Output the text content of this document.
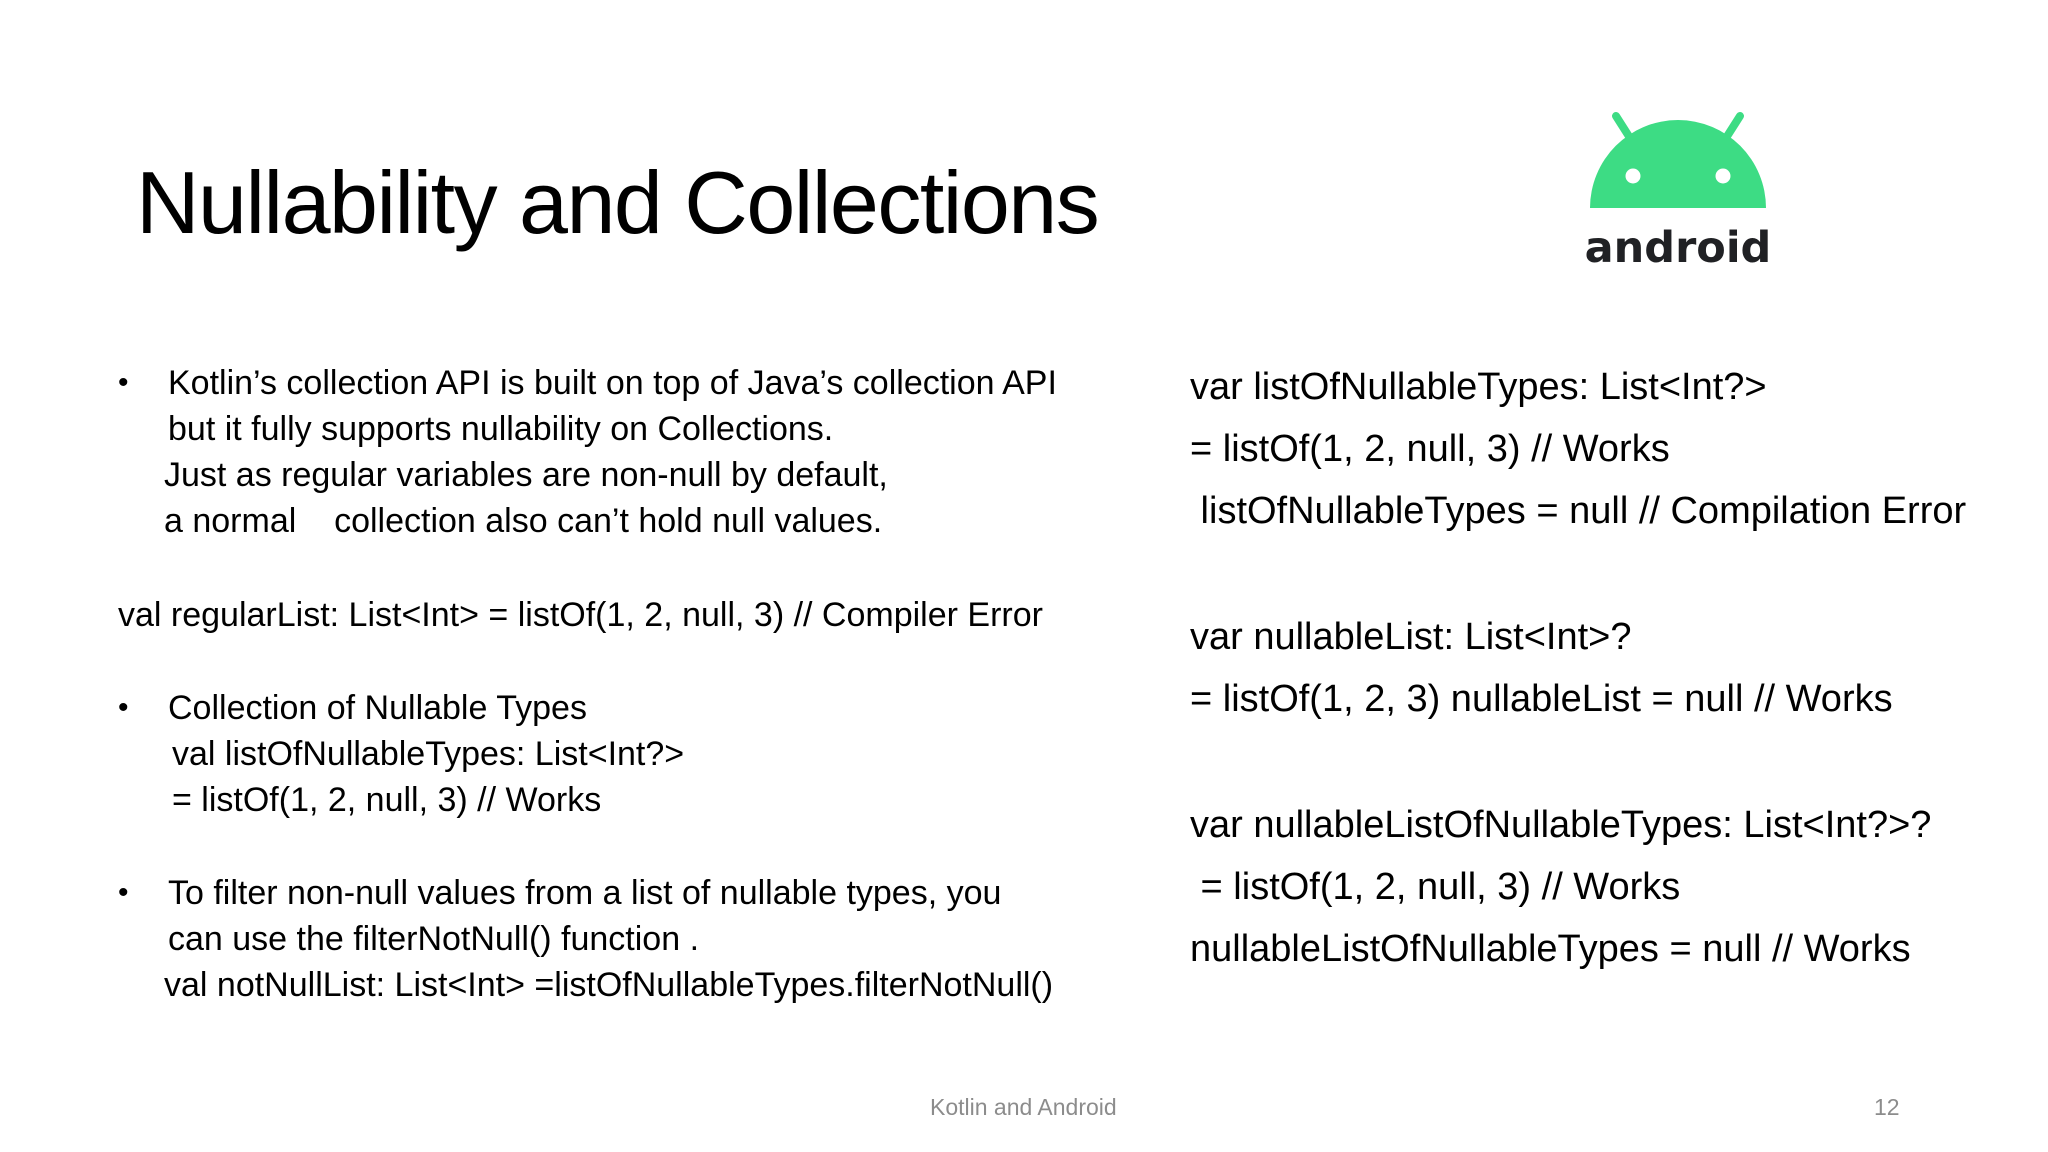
Nullability and Collections	android
• Kotlin’s collection API is built on top of Java’s collection API
but it fully supports nullability on Collections.
Just as regular variables are non-null by default,
a normal    collection also can’t hold null values.
val regularList: List<Int> = listOf(1, 2, null, 3) // Compiler Error
• Collection of Nullable Types
val listOfNullableTypes: List<Int?>
= listOf(1, 2, null, 3) // Works
• To filter non-null values from a list of nullable types, you
can use the filterNotNull() function .
val notNullList: List<Int> =listOfNullableTypes.filterNotNull()
var listOfNullableTypes: List<Int?>
= listOf(1, 2, null, 3) // Works
listOfNullableTypes = null // Compilation Error
var nullableList: List<Int>?
= listOf(1, 2, 3) nullableList = null // Works
var nullableListOfNullableTypes: List<Int?>?
= listOf(1, 2, null, 3) // Works
nullableListOfNullableTypes = null // Works
Kotlin and Android	12
